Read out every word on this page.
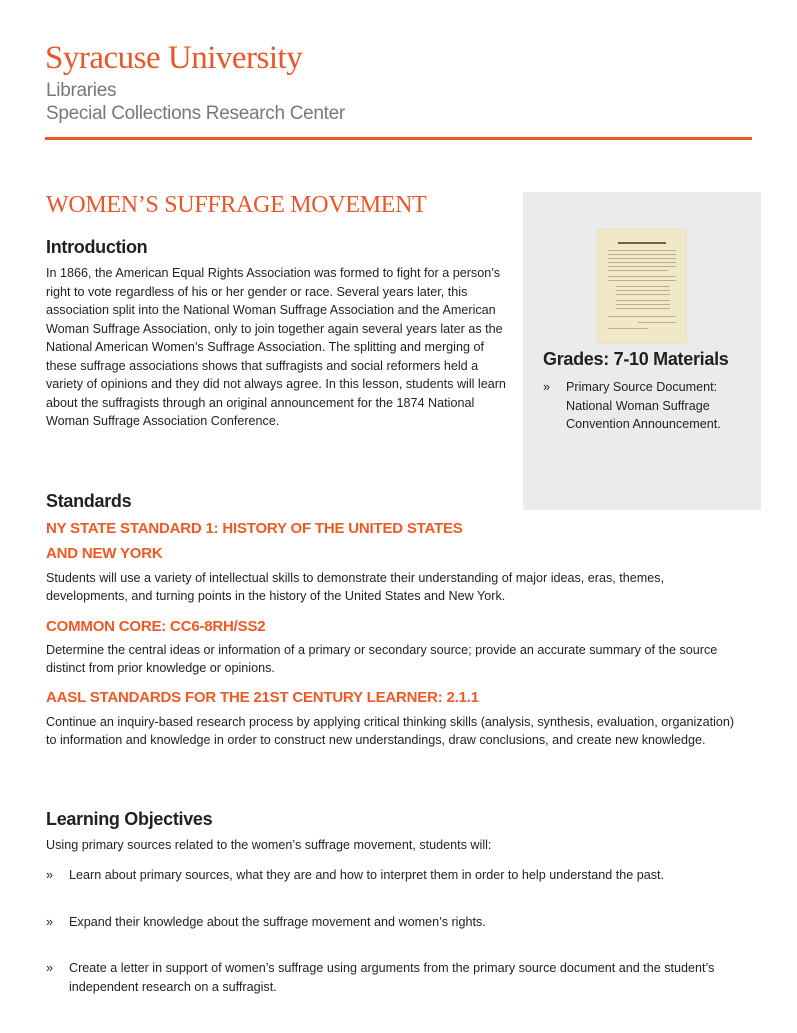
Syracuse University
Libraries
Special Collections Research Center
WOMEN’S SUFFRAGE MOVEMENT
Introduction
In 1866, the American Equal Rights Association was formed to fight for a person’s right to vote regardless of his or her gender or race. Several years later, this association split into the National Woman Suffrage Association and the American Woman Suffrage Association, only to join together again several years later as the National American Women’s Suffrage Association. The splitting and merging of these suffrage associations shows that suffragists and social reformers held a variety of opinions and they did not always agree. In this lesson, students will learn about the suffragists through an original announcement for the 1874 National Woman Suffrage Association Conference.
Grades: 7-10 Materials
» Primary Source Document: National Woman Suffrage Convention Announcement.
Standards
NY STATE STANDARD 1: HISTORY OF THE UNITED STATES AND NEW YORK
Students will use a variety of intellectual skills to demonstrate their understanding of major ideas, eras, themes, developments, and turning points in the history of the United States and New York.
COMMON CORE: CC6-8RH/SS2
Determine the central ideas or information of a primary or secondary source; provide an accurate summary of the source distinct from prior knowledge or opinions.
AASL STANDARDS FOR THE 21ST CENTURY LEARNER: 2.1.1
Continue an inquiry-based research process by applying critical thinking skills (analysis, synthesis, evaluation, organization) to information and knowledge in order to construct new understandings, draw conclusions, and create new knowledge.
Learning Objectives
Using primary sources related to the women’s suffrage movement, students will:
» Learn about primary sources, what they are and how to interpret them in order to help understand the past.
» Expand their knowledge about the suffrage movement and women’s rights.
» Create a letter in support of women’s suffrage using arguments from the primary source document and the student’s independent research on a suffragist.
